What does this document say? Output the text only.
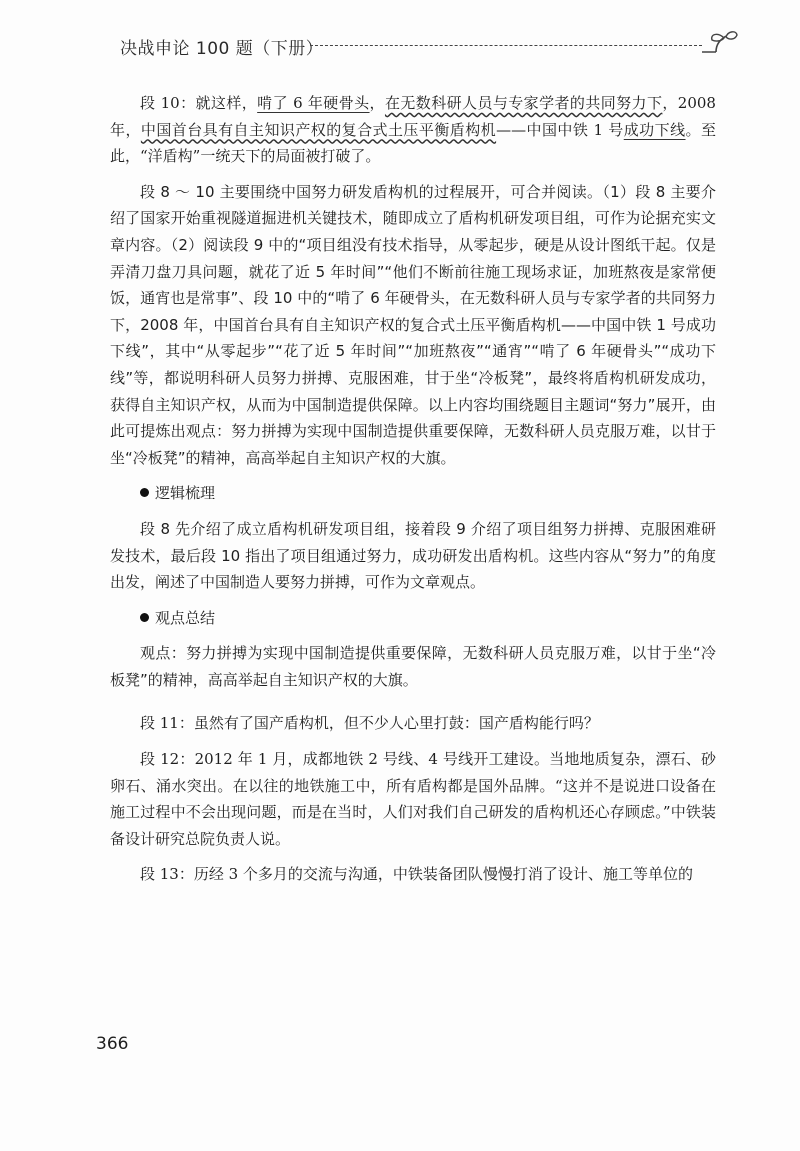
决战申论 100 题（下册）

段 10：就这样，啃了 6 年硬骨头，在无数科研人员与专家学者的共同努力下，2008 年，中国首台具有自主知识产权的复合式土压平衡盾构机——中国中铁 1 号成功下线。至此，“洋盾构”一统天下的局面被打破了。

段 8 ～ 10 主要围绕中国努力研发盾构机的过程展开，可合并阅读。（1）段 8 主要介绍了国家开始重视隧道掘进机关键技术，随即成立了盾构机研发项目组，可作为论据充实文章内容。（2）阅读段 9 中的“项目组没有技术指导，从零起步，硬是从设计图纸干起。仅是弄清刀盘刀具问题，就花了近 5 年时间”“他们不断前往施工现场求证，加班熬夜是家常便饭，通宵也是常事”、段 10 中的“啃了 6 年硬骨头，在无数科研人员与专家学者的共同努力下，2008 年，中国首台具有自主知识产权的复合式土压平衡盾构机——中国中铁 1 号成功下线”，其中“从零起步”“花了近 5 年时间”“加班熬夜”“通宵”“啃了 6 年硬骨头”“成功下线”等，都说明科研人员努力拼搏、克服困难，甘于坐“冷板凳”，最终将盾构机研发成功，获得自主知识产权，从而为中国制造提供保障。以上内容均围绕题目主题词“努力”展开，由此可提炼出观点：努力拼搏为实现中国制造提供重要保障，无数科研人员克服万难，以甘于坐“冷板凳”的精神，高高举起自主知识产权的大旗。

逻辑梳理

段 8 先介绍了成立盾构机研发项目组，接着段 9 介绍了项目组努力拼搏、克服困难研发技术，最后段 10 指出了项目组通过努力，成功研发出盾构机。这些内容从“努力”的角度出发，阐述了中国制造人要努力拼搏，可作为文章观点。

观点总结

观点：努力拼搏为实现中国制造提供重要保障，无数科研人员克服万难，以甘于坐“冷板凳”的精神，高高举起自主知识产权的大旗。

段 11：虽然有了国产盾构机，但不少人心里打鼓：国产盾构能行吗？

段 12：2012 年 1 月，成都地铁 2 号线、4 号线开工建设。当地地质复杂，漂石、砂卵石、涌水突出。在以往的地铁施工中，所有盾构都是国外品牌。“这并不是说进口设备在施工过程中不会出现问题，而是在当时，人们对我们自己研发的盾构机还心存顾虑。”中铁装备设计研究总院负责人说。

段 13：历经 3 个多月的交流与沟通，中铁装备团队慢慢打消了设计、施工等单位的

366
